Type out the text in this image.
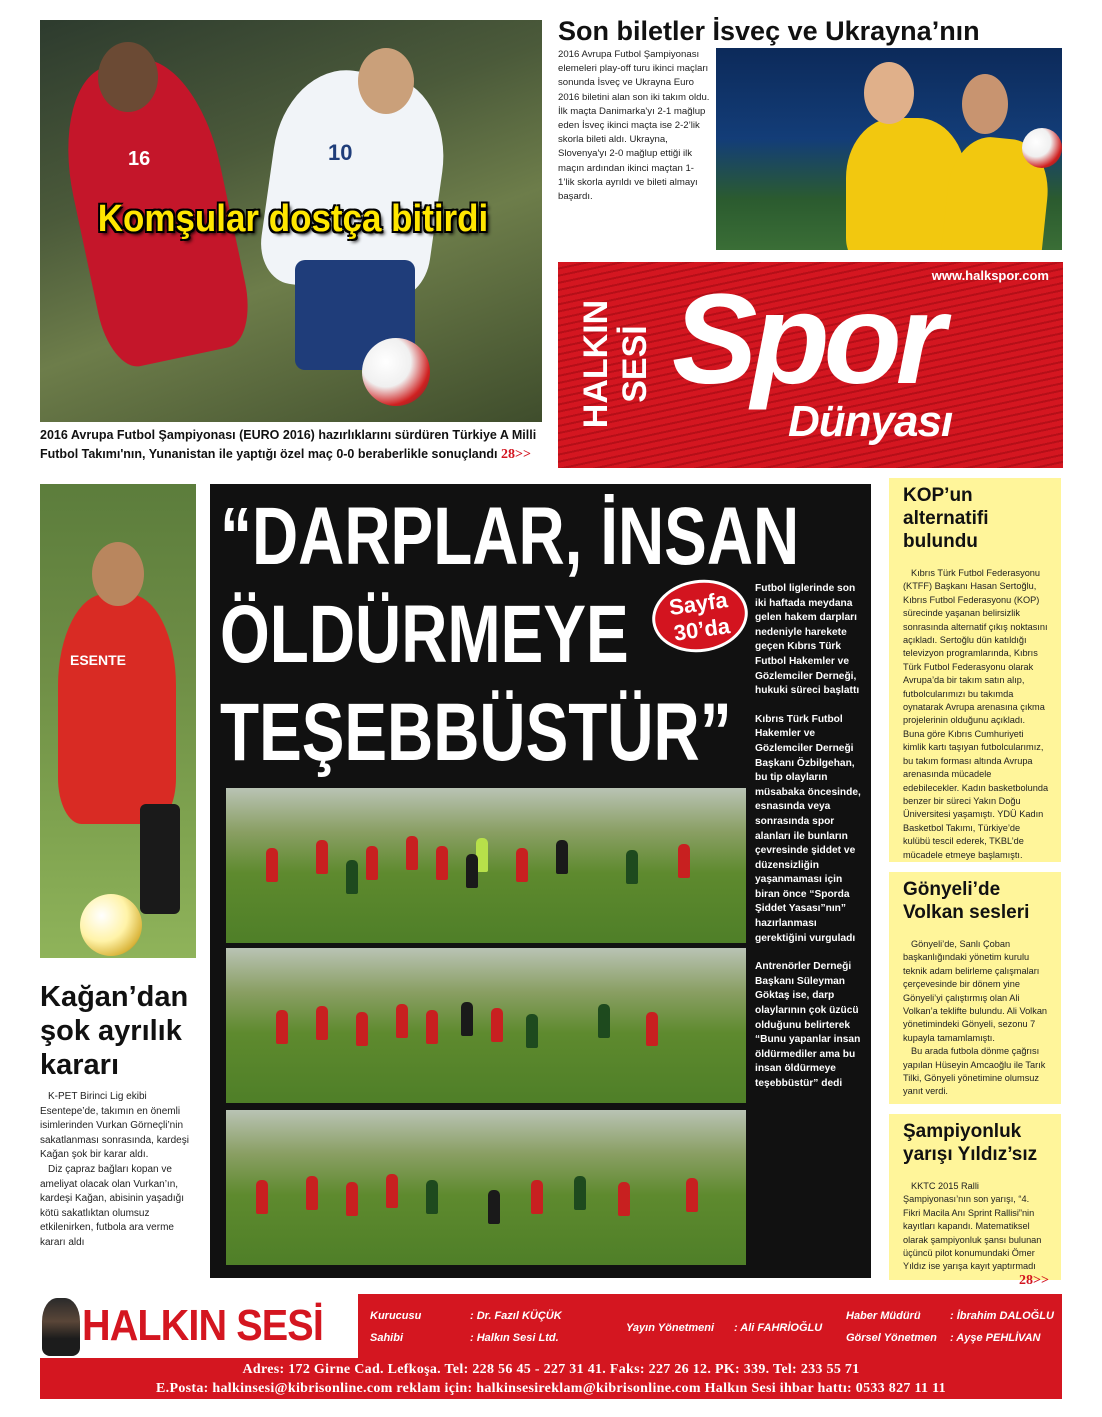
16	10
Komşular dostça bitirdi
2016 Avrupa Futbol Şampiyonası (EURO 2016) hazırlıklarını sürdüren Türkiye A Milli Futbol Takımı'nın, Yunanistan ile yaptığı özel maç 0-0 beraberlikle sonuçlandı 28>>
Son biletler İsveç ve Ukrayna’nın
2016 Avrupa Futbol Şampiyonası elemeleri play-off turu ikinci maçları sonunda İsveç ve Ukrayna Euro 2016 biletini alan son iki takım oldu. İlk maçta Danimarka'yı 2-1 mağlup eden İsveç ikinci maçta ise 2-2’lik skorla bileti aldı. Ukrayna, Slovenya'yı 2-0 mağlup ettiği ilk maçın ardından ikinci maçtan 1-1’lik skorla ayrıldı ve bileti almayı başardı.
HALKIN SESİ
www.halkspor.com
Spor
Dünyası
ESENTE
Kağan’dan şok ayrılık kararı

K-PET Birinci Lig ekibi Esentepe’de, takımın en önemli isimlerinden Vurkan Görneçli’nin sakatlanması sonrasında, kardeşi Kağan şok bir karar aldı.

Diz çapraz bağları kopan ve ameliyat olacak olan Vurkan’ın, kardeşi Kağan, abisinin yaşadığı kötü sakatlıktan olumsuz etkilenirken, futbola ara verme kararı aldı

“DARPLAR, İNSAN
ÖLDÜRMEYE
TEŞEBBÜSTÜR”
Sayfa
30’da

Futbol liglerinde son iki haftada meydana gelen hakem darpları nedeniyle harekete geçen Kıbrıs Türk Futbol Hakemler ve Gözlemciler Derneği, hukuki süreci başlattı

Kıbrıs Türk Futbol Hakemler ve Gözlemciler Derneği Başkanı Özbilgehan, bu tip olayların müsabaka öncesinde, esnasında veya sonrasında spor alanları ile bunların çevresinde şiddet ve düzensizliğin yaşanmaması için biran önce “Sporda Şiddet Yasası”nın” hazırlanması gerektiğini vurguladı

Antrenörler Derneği Başkanı Süleyman Göktaş ise, darp olaylarının çok üzücü olduğunu belirterek “Bunu yapanlar insan öldürmediler ama bu insan öldürmeye teşebbüstür” dedi

KOP’un alternatifi bulundu
Kıbrıs Türk Futbol Federasyonu (KTFF) Başkanı Hasan Sertoğlu, Kıbrıs Futbol Federasyonu (KOP) sürecinde yaşanan belirsizlik sonrasında alternatif çıkış noktasını açıkladı. Sertoğlu dün katıldığı televizyon programlarında, Kıbrıs Türk Futbol Federasyonu olarak Avrupa’da bir takım satın alıp, futbolcularımızı bu takımda oynatarak Avrupa arenasına çıkma projelerinin olduğunu açıkladı. Buna göre Kıbrıs Cumhuriyeti kimlik kartı taşıyan futbolcularımız, bu takım forması altında Avrupa arenasında mücadele edebilecekler. Kadın basketbolunda benzer bir süreci Yakın Doğu Üniversitesi yaşamıştı. YDÜ Kadın Basketbol Takımı, Türkiye’de kulübü tescil ederek, TKBL’de mücadele etmeye başlamıştı.
Gönyeli’de Volkan sesleri

Gönyeli’de, Sanlı Çoban başkanlığındaki yönetim kurulu teknik adam belirleme çalışmaları çerçevesinde bir dönem yine Gönyeli’yi çalıştırmış olan Ali Volkan’a teklifte bulundu. Ali Volkan yönetimindeki Gönyeli, sezonu 7 kupayla tamamlamıştı.

Bu arada futbola dönme çağrısı yapılan Hüseyin Amcaoğlu ile Tarık Tilki, Gönyeli yönetimine olumsuz yanıt verdi.

Şampiyonluk yarışı Yıldız’sız
KKTC 2015 Ralli Şampiyonası’nın son yarışı, “4. Fikri Macila Anı Sprint Rallisi”nin kayıtları kapandı. Matematiksel olarak şampiyonluk şansı bulunan üçüncü pilot konumundaki Ömer Yıldız ise yarışa kayıt yaptırmadı
28>>
HALKIN SESİ	Kurucusu	: Dr. Fazıl KÜÇÜK
Sahibi	: Halkın Sesi Ltd.
Yayın Yönetmeni : Ali FAHRİOĞLU
Haber Müdürü	: İbrahim DALOĞLU
Görsel Yönetmen : Ayşe PEHLİVAN
Adres: 172 Girne Cad. Lefkoşa. Tel: 228 56 45 - 227 31 41. Faks: 227 26 12. PK: 339. Tel: 233 55 71
E.Posta: halkinsesi@kibrisonline.com reklam için: halkinsesireklam@kibrisonline.com Halkın Sesi ihbar hattı: 0533 827 11 11
